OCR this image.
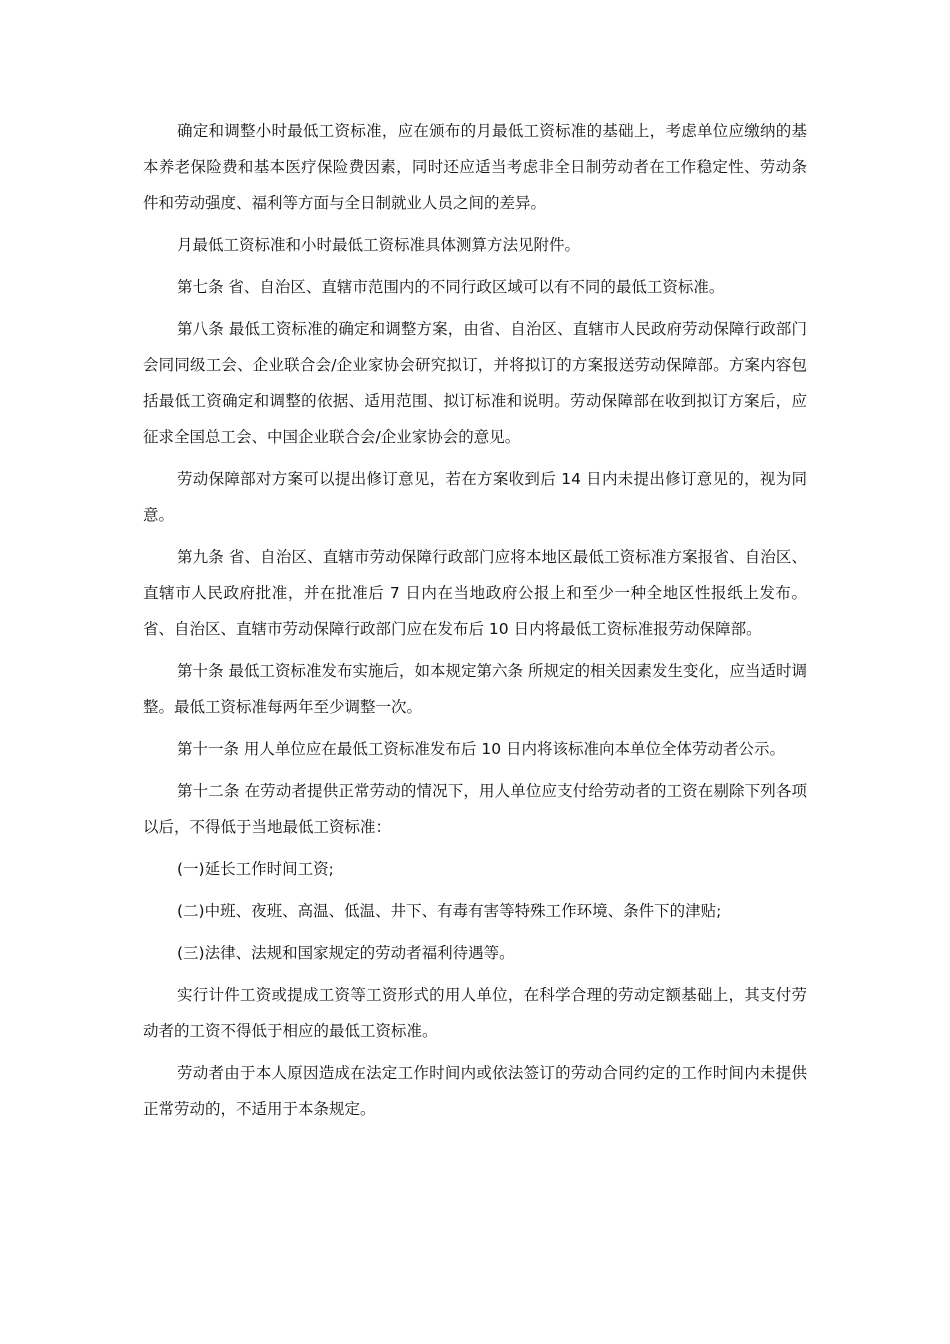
确定和调整小时最低工资标准，应在颁布的月最低工资标准的基础上，考虑单位应缴纳的基本养老保险费和基本医疗保险费因素，同时还应适当考虑非全日制劳动者在工作稳定性、劳动条件和劳动强度、福利等方面与全日制就业人员之间的差异。

月最低工资标准和小时最低工资标准具体测算方法见附件。

第七条 省、自治区、直辖市范围内的不同行政区域可以有不同的最低工资标准。

第八条 最低工资标准的确定和调整方案，由省、自治区、直辖市人民政府劳动保障行政部门会同同级工会、企业联合会/企业家协会研究拟订，并将拟订的方案报送劳动保障部。方案内容包括最低工资确定和调整的依据、适用范围、拟订标准和说明。劳动保障部在收到拟订方案后，应征求全国总工会、中国企业联合会/企业家协会的意见。

劳动保障部对方案可以提出修订意见，若在方案收到后 14 日内未提出修订意见的，视为同意。

第九条 省、自治区、直辖市劳动保障行政部门应将本地区最低工资标准方案报省、自治区、直辖市人民政府批准，并在批准后 7 日内在当地政府公报上和至少一种全地区性报纸上发布。省、自治区、直辖市劳动保障行政部门应在发布后 10 日内将最低工资标准报劳动保障部。

第十条 最低工资标准发布实施后，如本规定第六条 所规定的相关因素发生变化，应当适时调整。最低工资标准每两年至少调整一次。

第十一条 用人单位应在最低工资标准发布后 10 日内将该标准向本单位全体劳动者公示。

第十二条 在劳动者提供正常劳动的情况下，用人单位应支付给劳动者的工资在剔除下列各项以后，不得低于当地最低工资标准：

(一)延长工作时间工资;

(二)中班、夜班、高温、低温、井下、有毒有害等特殊工作环境、条件下的津贴;

(三)法律、法规和国家规定的劳动者福利待遇等。

实行计件工资或提成工资等工资形式的用人单位，在科学合理的劳动定额基础上，其支付劳动者的工资不得低于相应的最低工资标准。

劳动者由于本人原因造成在法定工作时间内或依法签订的劳动合同约定的工作时间内未提供正常劳动的，不适用于本条规定。
